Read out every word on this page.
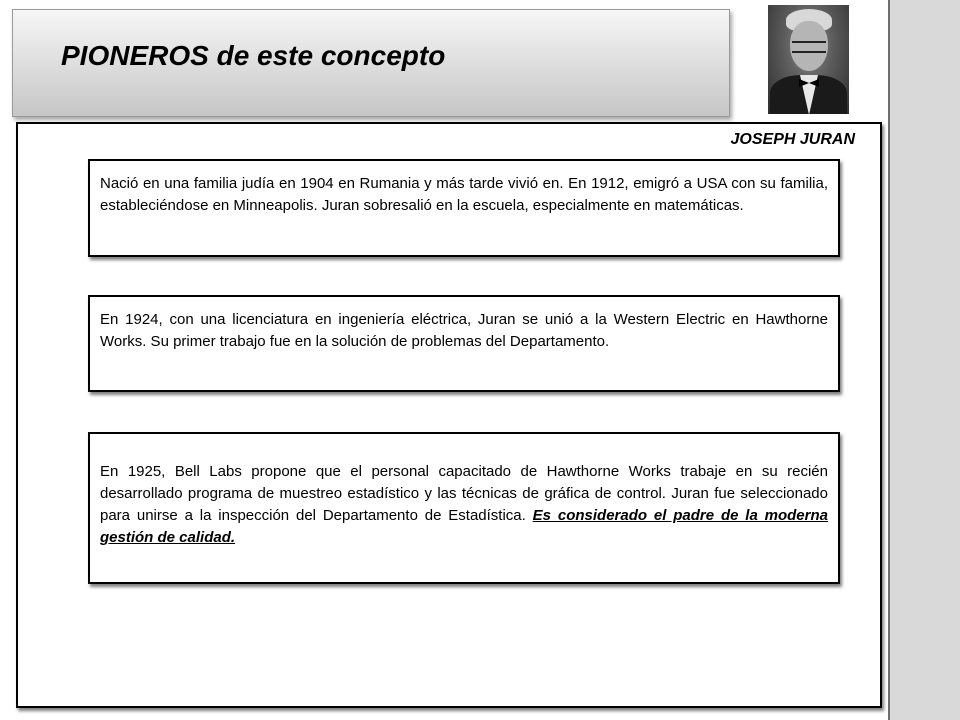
PIONEROS de este concepto
JOSEPH JURAN
Nació en una familia judía en 1904 en Rumania y más tarde vivió en. En 1912, emigró a USA con su familia, estableciéndose en Minneapolis. Juran sobresalió en la escuela, especialmente en matemáticas.
En 1924, con una licenciatura en ingeniería eléctrica, Juran se unió a la Western Electric en Hawthorne Works. Su primer trabajo fue en la solución de problemas del Departamento.
En 1925, Bell Labs propone que el personal capacitado de Hawthorne Works trabaje en su recién desarrollado programa de muestreo estadístico y las técnicas de gráfica de control. Juran fue seleccionado para unirse a la inspección del Departamento de Estadística. Es considerado el padre de la moderna gestión de calidad.
